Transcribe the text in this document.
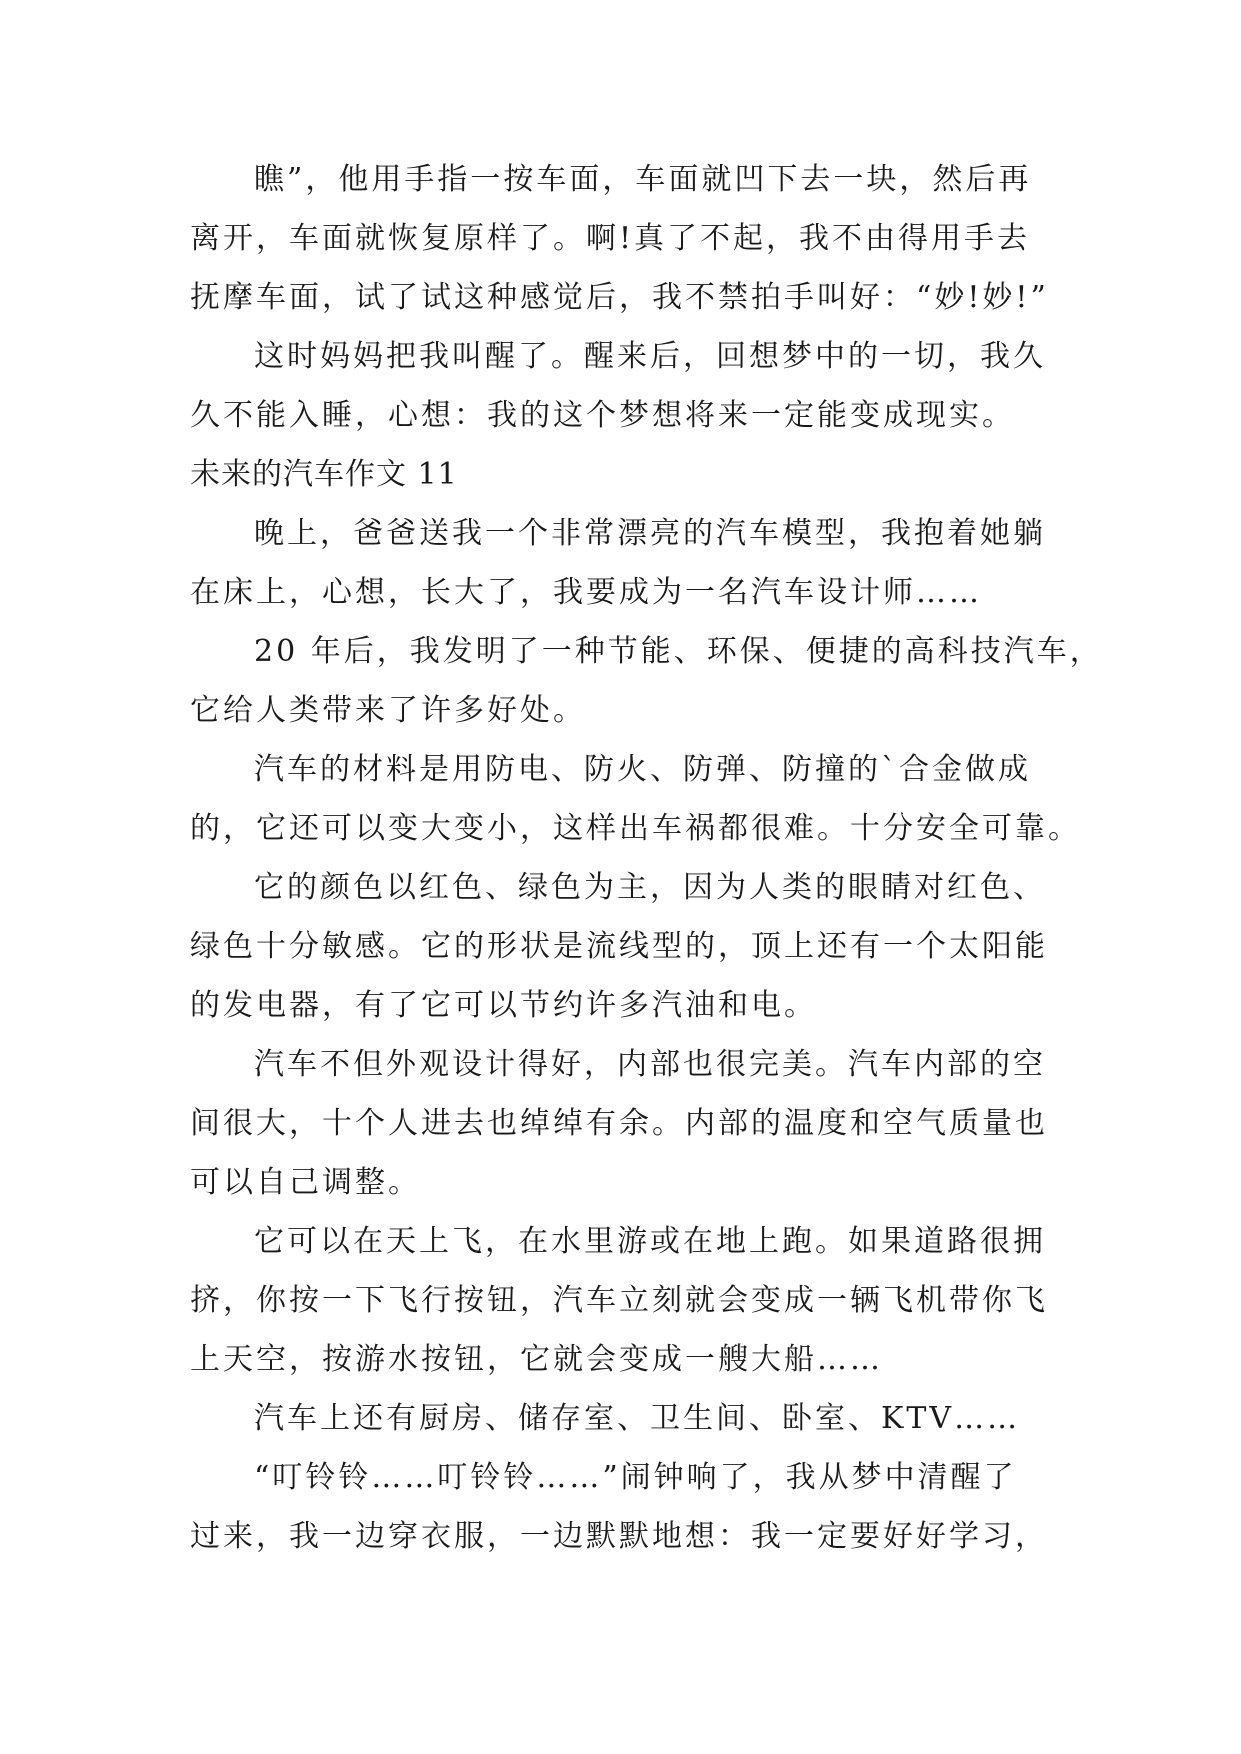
瞧”，他用手指一按车面，车面就凹下去一块，然后再
离开，车面就恢复原样了。啊!真了不起，我不由得用手去
抚摩车面，试了试这种感觉后，我不禁拍手叫好：“妙!妙!”
这时妈妈把我叫醒了。醒来后，回想梦中的一切，我久
久不能入睡，心想：我的这个梦想将来一定能变成现实。
未来的汽车作文 11
晚上，爸爸送我一个非常漂亮的汽车模型，我抱着她躺
在床上，心想，长大了，我要成为一名汽车设计师……
20 年后，我发明了一种节能、环保、便捷的高科技汽车，
它给人类带来了许多好处。
汽车的材料是用防电、防火、防弹、防撞的`合金做成
的，它还可以变大变小，这样出车祸都很难。十分安全可靠。
它的颜色以红色、绿色为主，因为人类的眼睛对红色、
绿色十分敏感。它的形状是流线型的，顶上还有一个太阳能
的发电器，有了它可以节约许多汽油和电。
汽车不但外观设计得好，内部也很完美。汽车内部的空
间很大，十个人进去也绰绰有余。内部的温度和空气质量也
可以自己调整。
它可以在天上飞，在水里游或在地上跑。如果道路很拥
挤，你按一下飞行按钮，汽车立刻就会变成一辆飞机带你飞
上天空，按游水按钮，它就会变成一艘大船……
汽车上还有厨房、储存室、卫生间、卧室、KTV……
“叮铃铃……叮铃铃……”闹钟响了，我从梦中清醒了
过来，我一边穿衣服，一边默默地想：我一定要好好学习，
